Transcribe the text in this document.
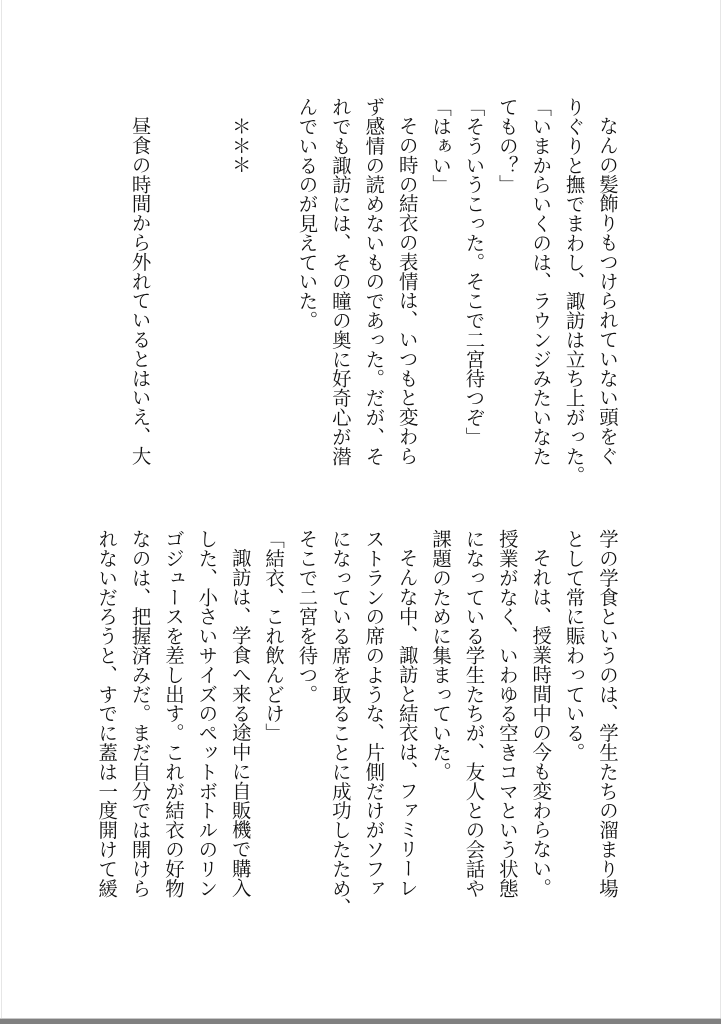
なんの髪飾りもつけられていない頭をぐ
りぐりと撫でまわし、諏訪は立ち上がった。
「いまからいくのは、ラウンジみたいなた
てもの？」
「そういうこった。そこで二宮待つぞ」
「はぁい」
その時の結衣の表情は、いつもと変わら
ず感情の読めないものであった。だが、そ
れでも諏訪には、その瞳の奥に好奇心が潜
んでいるのが見えていた。
＊＊＊
昼食の時間から外れているとはいえ、大
学の学食というのは、学生たちの溜まり場
として常に賑わっている。
それは、授業時間中の今も変わらない。
授業がなく、いわゆる空きコマという状態
になっている学生たちが、友人との会話や
課題のために集まっていた。
そんな中、諏訪と結衣は、ファミリーレ
ストランの席のような、片側だけがソファ
になっている席を取ることに成功したため、
そこで二宮を待つ。
「結衣、これ飲んどけ」
諏訪は、学食へ来る途中に自販機で購入
した、小さいサイズのペットボトルのリン
ゴジュースを差し出す。これが結衣の好物
なのは、把握済みだ。まだ自分では開けら
れないだろうと、すでに蓋は一度開けて緩
